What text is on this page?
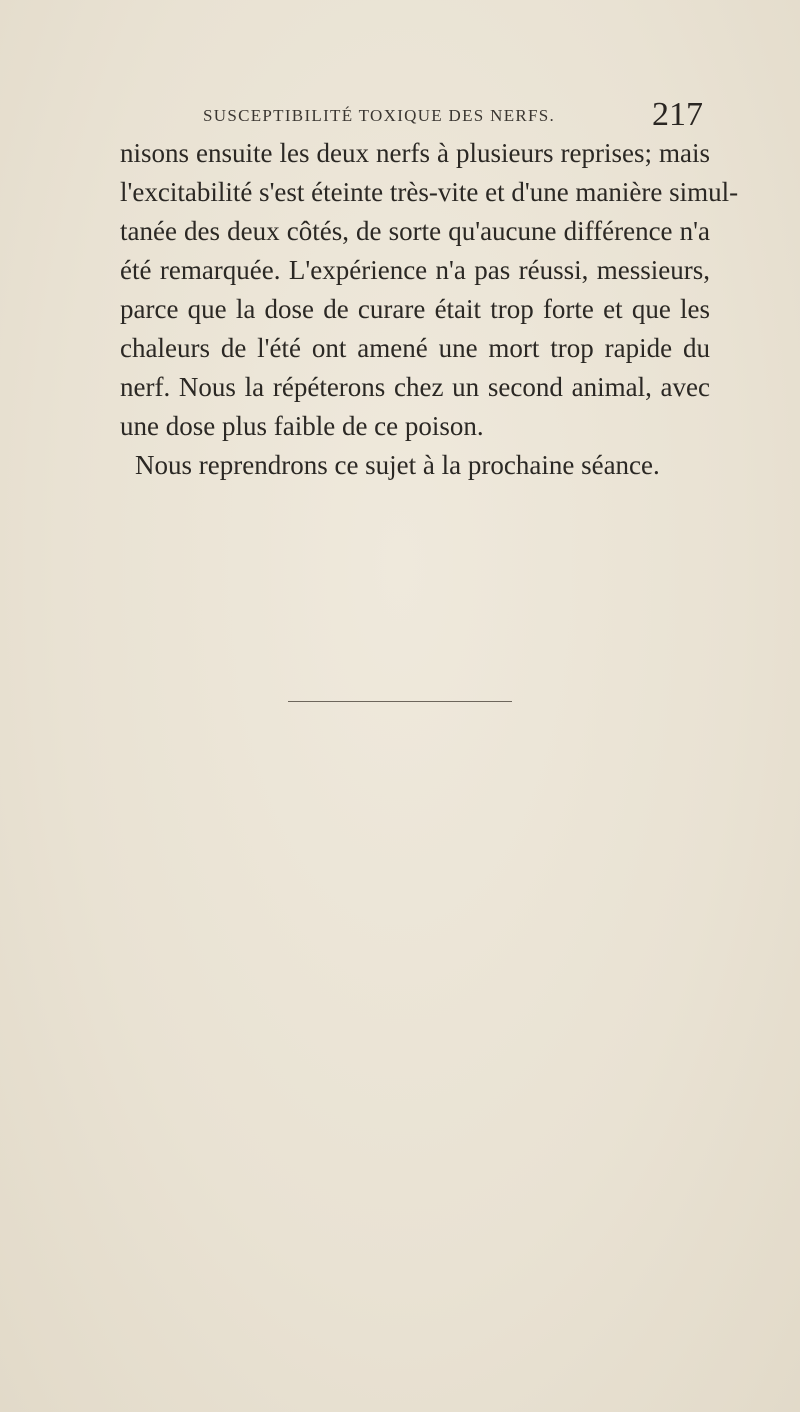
SUSCEPTIBILITÉ TOXIQUE DES NERFS.	217
nisons ensuite les deux nerfs à plusieurs reprises; mais
l'excitabilité s'est éteinte très-vite et d'une manière simul-
tanée des deux côtés, de sorte qu'aucune différence n'a
été remarquée. L'expérience n'a pas réussi, messieurs,
parce que la dose de curare était trop forte et que les
chaleurs de l'été ont amené une mort trop rapide du
nerf. Nous la répéterons chez un second animal, avec
une dose plus faible de ce poison.
Nous reprendrons ce sujet à la prochaine séance.
